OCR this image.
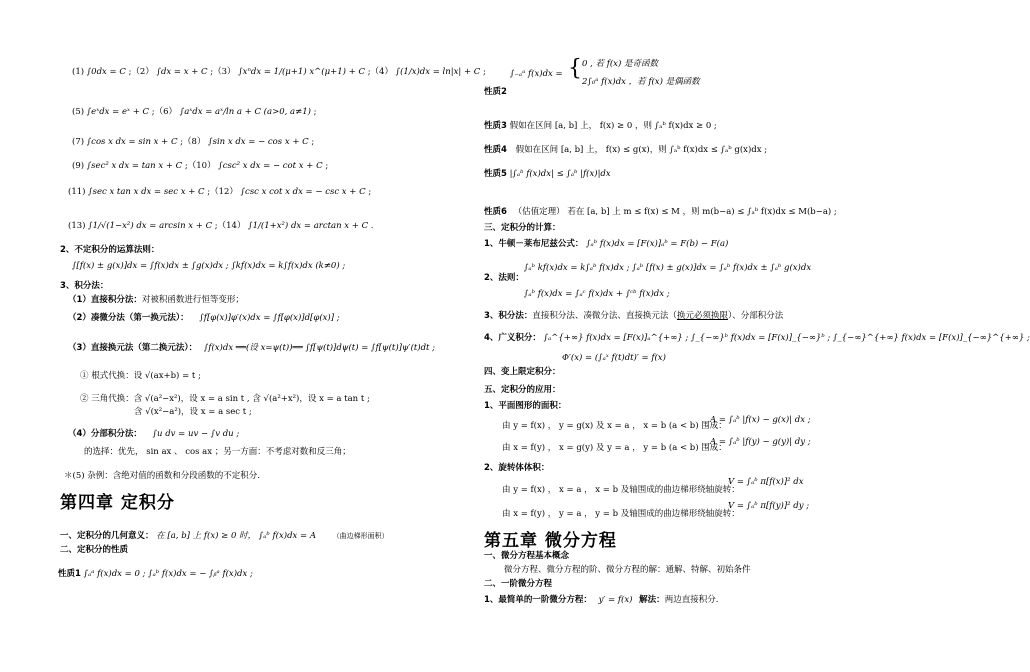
(1) ∫0dx = C ;（2） ∫dx = x + C ;（3） ∫xⁿdx = 1/(μ+1) x^(μ+1) + C ;（4） ∫(1/x)dx = ln|x| + C ;
(5) ∫eˣdx = eˣ + C ;（6） ∫aˣdx = aˣ/ln a + C (a>0, a≠1) ;
(7) ∫cos x dx = sin x + C ;（8） ∫sin x dx = − cos x + C ;
(9) ∫sec² x dx = tan x + C ;（10） ∫csc² x dx = − cot x + C ;
(11) ∫sec x tan x dx = sec x + C ;（12） ∫csc x cot x dx = − csc x + C ;
(13) ∫1/√(1−x²) dx = arcsin x + C ;（14） ∫1/(1+x²) dx = arctan x + C .
2、不定积分的运算法则：
∫[f(x) ± g(x)]dx = ∫f(x)dx ± ∫g(x)dx ; ∫kf(x)dx = k∫f(x)dx (k≠0) ;
3、积分法：
（1）直接积分法：对被积函数进行恒等变形；
（2）凑微分法（第一换元法）： ∫f[φ(x)]φ′(x)dx = ∫f[φ(x)]d[φ(x)] ;
（3）直接换元法（第二换元法）： ∫f(x)dx ══(设 x=ψ(t))══ ∫f[ψ(t)]dψ(t) = ∫f[ψ(t)]ψ′(t)dt ;
① 根式代换：设 √(ax+b) = t ;
② 三角代换：含 √(a²−x²)，设 x = a sin t , 含 √(a²+x²)，设 x = a tan t ;
含 √(x²−a²)，设 x = a sec t ;
（4）分部积分法： ∫u dv = uv − ∫v du ;
的选择：优先， sin ax 、 cos ax ；另一方面：不考虑对数和反三角；
＊(5) 杂例：含绝对值的函数和分段函数的不定积分.
第四章 定积分
一、定积分的几何意义： 在 [a, b] 上 f(x) ≥ 0 时， ∫ₐᵇ f(x)dx = A （曲边梯形面积）
二、定积分的性质
性质1 ∫ₐᵃ f(x)dx = 0 ; ∫ₐᵇ f(x)dx = − ∫ᵦᵃ f(x)dx ;
∫₋ₐᵃ f(x)dx = { 0 , 若 f(x) 是奇函数
2∫₀ᵃ f(x)dx ，若 f(x) 是偶函数
性质2
性质3 假如在区间 [a, b] 上， f(x) ≥ 0 ，则 ∫ₐᵇ f(x)dx ≥ 0 ;
性质4 假如在区间 [a, b] 上， f(x) ≤ g(x)，则 ∫ₐᵇ f(x)dx ≤ ∫ₐᵇ g(x)dx ;
性质5 |∫ₐᵇ f(x)dx| ≤ ∫ₐᵇ |f(x)|dx
性质6 （估值定理） 若在 [a, b] 上 m ≤ f(x) ≤ M ，则 m(b−a) ≤ ∫ₐᵇ f(x)dx ≤ M(b−a) ;
三、定积分的计算：
1、牛顿－莱布尼兹公式： ∫ₐᵇ f(x)dx = [F(x)]ₐᵇ = F(b) − F(a)
2、法则：
∫ₐᵇ kf(x)dx = k∫ₐᵇ f(x)dx ; ∫ₐᵇ [f(x) ± g(x)]dx = ∫ₐᵇ f(x)dx ± ∫ₐᵇ g(x)dx
∫ₐᵇ f(x)dx = ∫ₐᶜ f(x)dx + ∫ᶜᵇ f(x)dx ;
3、积分法：直接积分法、凑微分法、直接换元法（换元必须换限）、分部积分法
4、广义积分： ∫ₐ^{+∞} f(x)dx = [F(x)]ₐ^{+∞} ; ∫_{−∞}ᵇ f(x)dx = [F(x)]_{−∞}ᵇ ; ∫_{−∞}^{+∞} f(x)dx = [F(x)]_{−∞}^{+∞} ;
Φ′(x) = (∫ₐˣ f(t)dt)′ = f(x)
四、变上限定积分：
五、定积分的应用：
1、平面图形的面积：
由 y = f(x) ， y = g(x) 及 x = a ， x = b (a < b) 围成：
A = ∫ₐᵇ |f(x) − g(x)| dx ;
由 x = f(y) ， x = g(y) 及 y = a ， y = b (a < b) 围成：
A = ∫ₐᵇ |f(y) − g(y)| dy ;
2、旋转体体积：
由 y = f(x) ， x = a ， x = b 及轴围成的曲边梯形绕轴旋转：
V = ∫ₐᵇ π[f(x)]² dx
由 x = f(y) ， y = a ， y = b 及轴围成的曲边梯形绕轴旋转：
V = ∫ₐᵇ π[f(y)]² dy ;
第五章 微分方程
一、微分方程基本概念
微分方程、微分方程的阶、微分方程的解：通解、特解、初始条件
二、一阶微分方程
1、最简单的一阶微分方程： y′ = f(x) 解法：两边直接积分.
